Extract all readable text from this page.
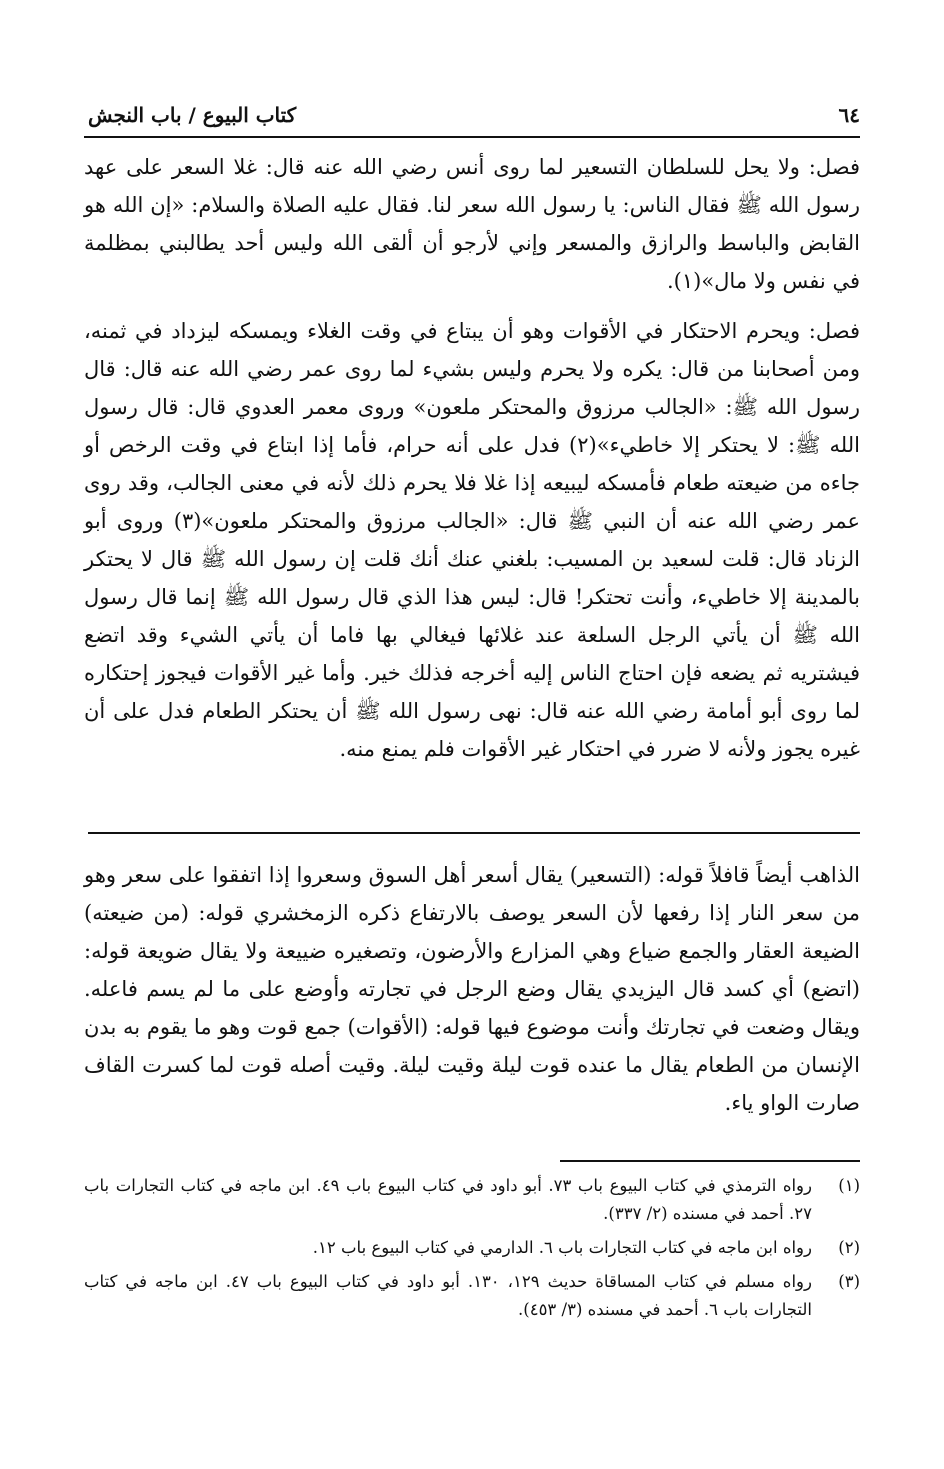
٦٤
كتاب البيوع / باب النجش

فصل: ولا يحل للسلطان التسعير لما روى أنس رضي الله عنه قال: غلا السعر على عهد رسول الله ﷺ فقال الناس: يا رسول الله سعر لنا. فقال عليه الصلاة والسلام: «إن الله هو القابض والباسط والرازق والمسعر وإني لأرجو أن ألقى الله وليس أحد يطالبني بمظلمة في نفس ولا مال»(١).

فصل: ويحرم الاحتكار في الأقوات وهو أن يبتاع في وقت الغلاء ويمسكه ليزداد في ثمنه، ومن أصحابنا من قال: يكره ولا يحرم وليس بشيء لما روى عمر رضي الله عنه قال: قال رسول الله ﷺ: «الجالب مرزوق والمحتكر ملعون» وروى معمر العدوي قال: قال رسول الله ﷺ: لا يحتكر إلا خاطيء»(٢) فدل على أنه حرام، فأما إذا ابتاع في وقت الرخص أو جاءه من ضيعته طعام فأمسكه ليبيعه إذا غلا فلا يحرم ذلك لأنه في معنى الجالب، وقد روى عمر رضي الله عنه أن النبي ﷺ قال: «الجالب مرزوق والمحتكر ملعون»(٣) وروى أبو الزناد قال: قلت لسعيد بن المسيب: بلغني عنك أنك قلت إن رسول الله ﷺ قال لا يحتكر بالمدينة إلا خاطيء، وأنت تحتكر! قال: ليس هذا الذي قال رسول الله ﷺ إنما قال رسول الله ﷺ أن يأتي الرجل السلعة عند غلائها فيغالي بها فاما أن يأتي الشيء وقد اتضع فيشتريه ثم يضعه فإن احتاج الناس إليه أخرجه فذلك خير. وأما غير الأقوات فيجوز إحتكاره لما روى أبو أمامة رضي الله عنه قال: نهى رسول الله ﷺ أن يحتكر الطعام فدل على أن غيره يجوز ولأنه لا ضرر في احتكار غير الأقوات فلم يمنع منه.

الذاهب أيضاً قافلاً قوله: (التسعير) يقال أسعر أهل السوق وسعروا إذا اتفقوا على سعر وهو من سعر النار إذا رفعها لأن السعر يوصف بالارتفاع ذكره الزمخشري قوله: (من ضيعته) الضيعة العقار والجمع ضياع وهي المزارع والأرضون، وتصغيره ضييعة ولا يقال ضويعة قوله: (اتضع) أي كسد قال اليزيدي يقال وضع الرجل في تجارته وأوضع على ما لم يسم فاعله. ويقال وضعت في تجارتك وأنت موضوع فيها قوله: (الأقوات) جمع قوت وهو ما يقوم به بدن الإنسان من الطعام يقال ما عنده قوت ليلة وقيت ليلة. وقيت أصله قوت لما كسرت القاف صارت الواو ياء.

(١)
رواه الترمذي في كتاب البيوع باب ٧٣. أبو داود في كتاب البيوع باب ٤٩. ابن ماجه في كتاب التجارات باب ٢٧. أحمد في مسنده (٢/ ٣٣٧).
(٢)
رواه ابن ماجه في كتاب التجارات باب ٦. الدارمي في كتاب البيوع باب ١٢.
(٣)
رواه مسلم في كتاب المساقاة حديث ١٢٩، ١٣٠. أبو داود في كتاب البيوع باب ٤٧. ابن ماجه في كتاب التجارات باب ٦. أحمد في مسنده (٣/ ٤٥٣).
